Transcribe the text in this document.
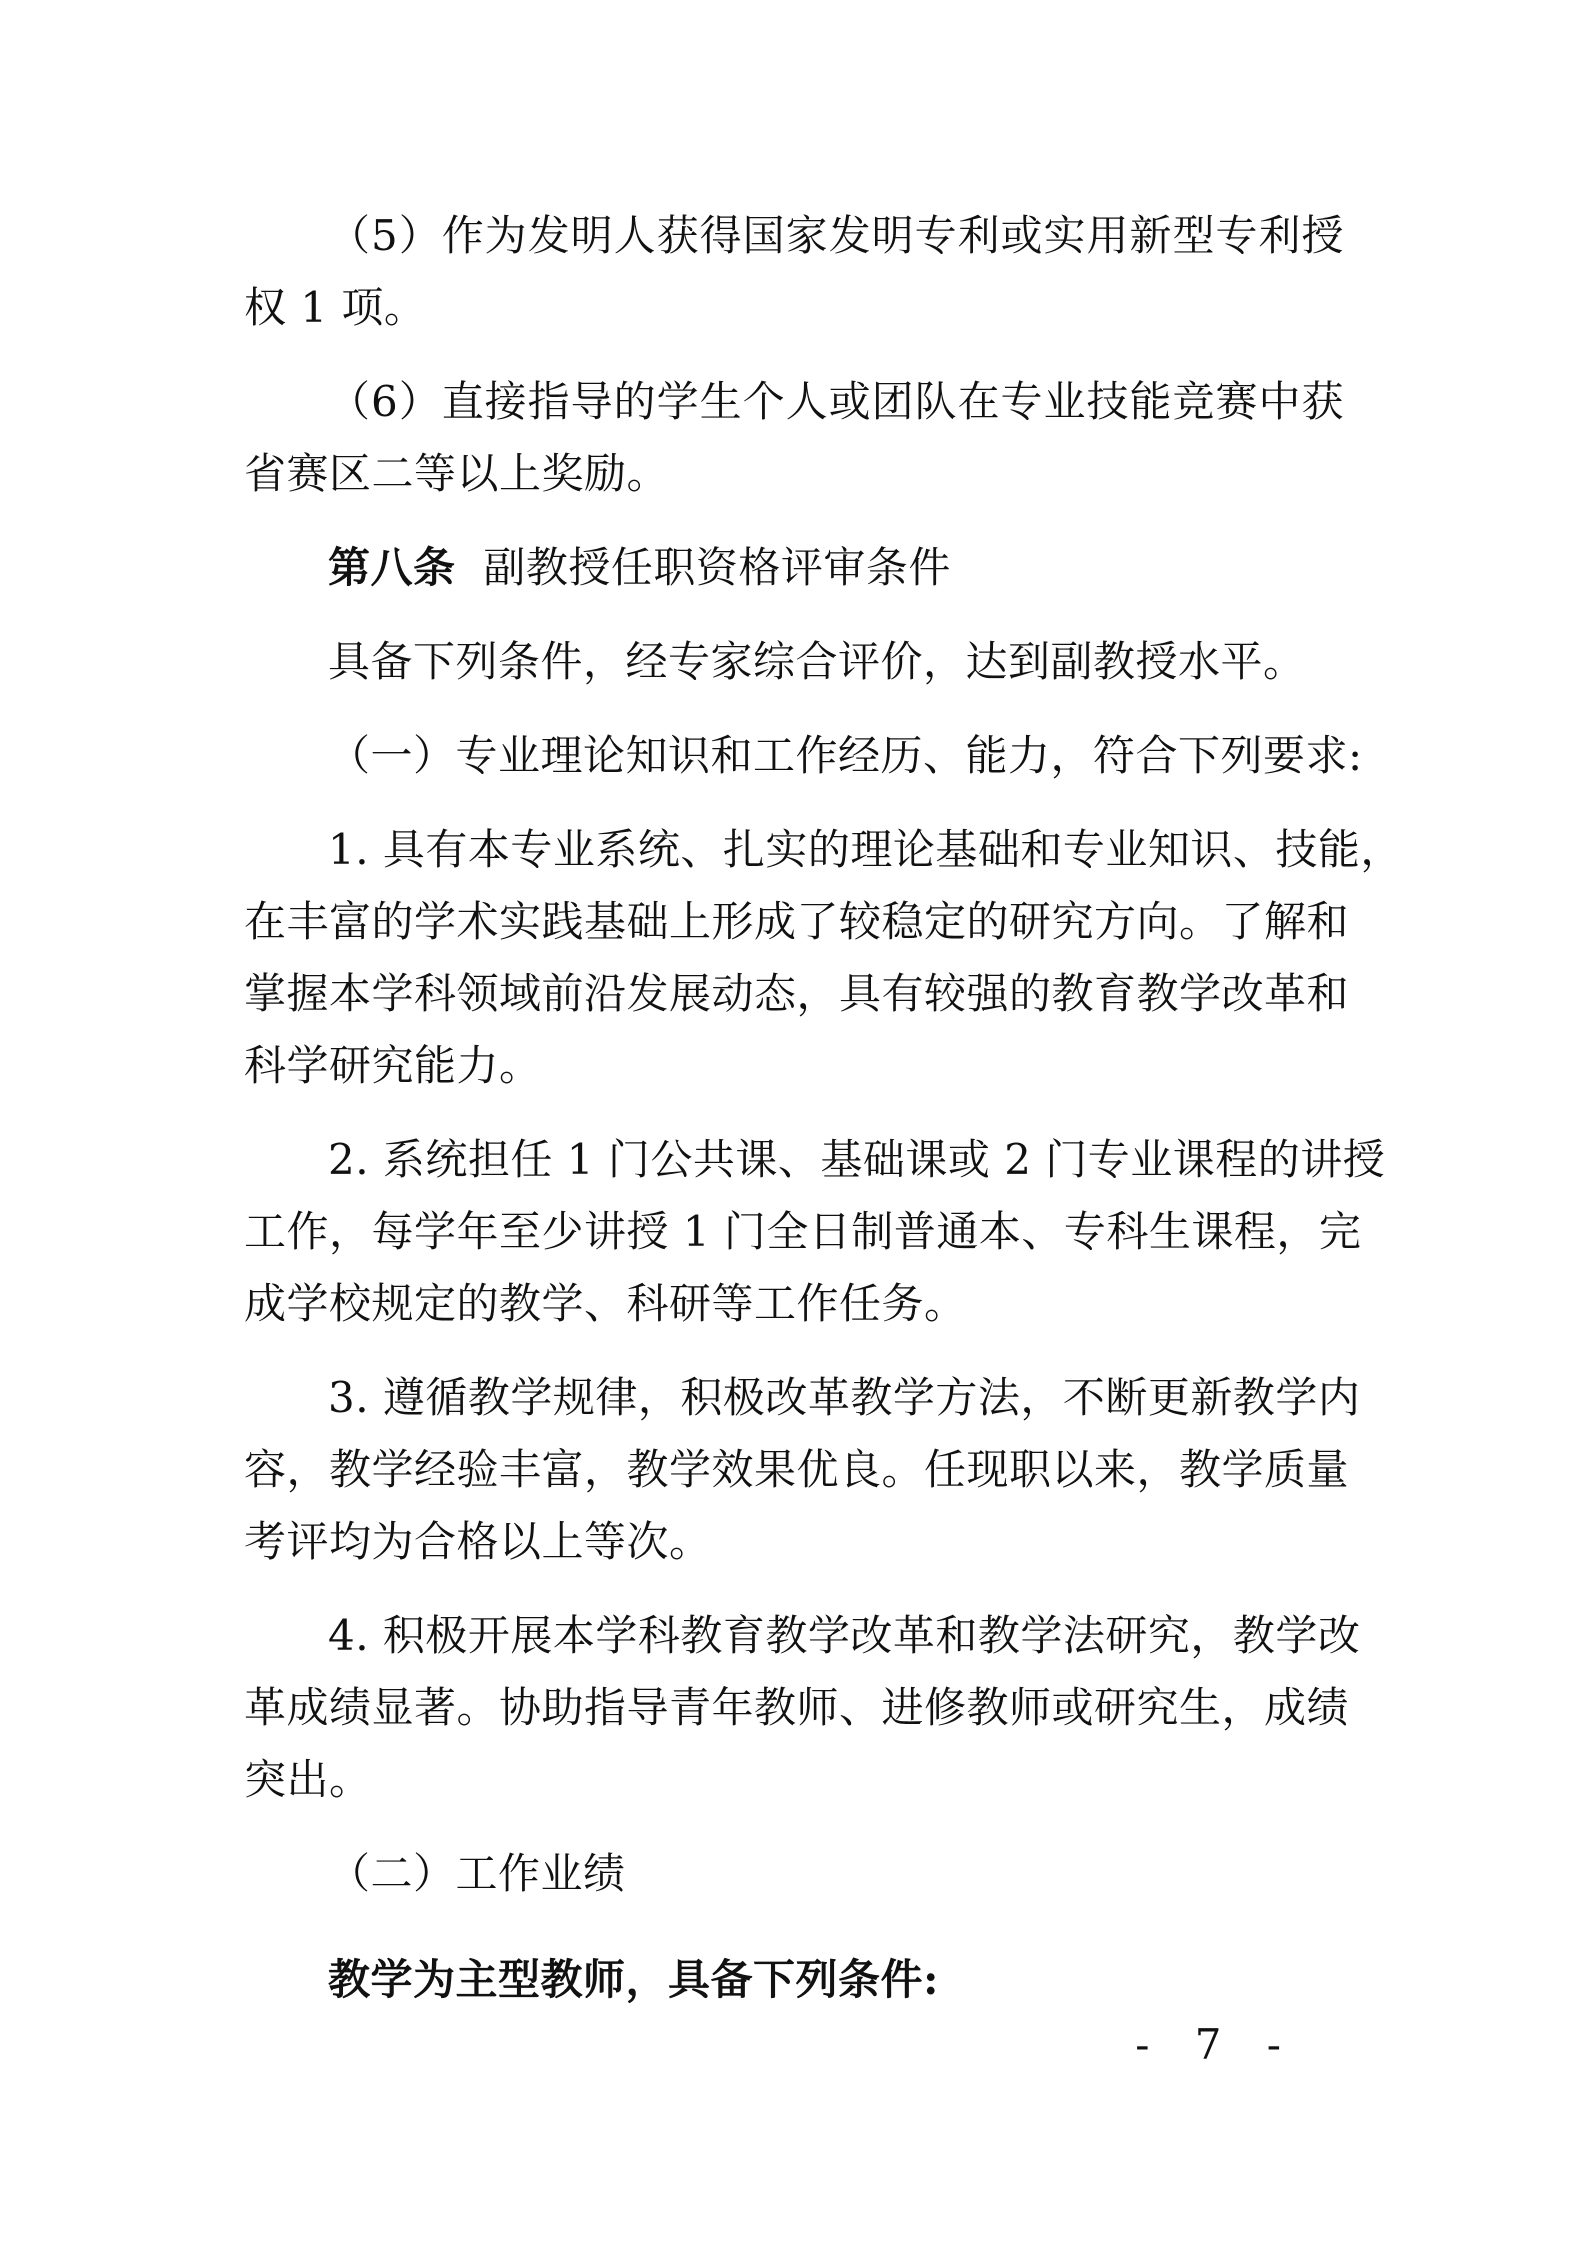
（5）作为发明人获得国家发明专利或实用新型专利授
权 1 项。
（6）直接指导的学生个人或团队在专业技能竞赛中获
省赛区二等以上奖励。
第八条 副教授任职资格评审条件
具备下列条件，经专家综合评价，达到副教授水平。
（一）专业理论知识和工作经历、能力，符合下列要求:
1. 具有本专业系统、扎实的理论基础和专业知识、技能，
在丰富的学术实践基础上形成了较稳定的研究方向。了解和
掌握本学科领域前沿发展动态，具有较强的教育教学改革和
科学研究能力。
2. 系统担任 1 门公共课、基础课或 2 门专业课程的讲授
工作，每学年至少讲授 1 门全日制普通本、专科生课程，完
成学校规定的教学、科研等工作任务。
3. 遵循教学规律，积极改革教学方法，不断更新教学内
容，教学经验丰富，教学效果优良。任现职以来，教学质量
考评均为合格以上等次。
4. 积极开展本学科教育教学改革和教学法研究，教学改
革成绩显著。协助指导青年教师、进修教师或研究生，成绩
突出。
（二）工作业绩
教学为主型教师，具备下列条件:
- 7 -
